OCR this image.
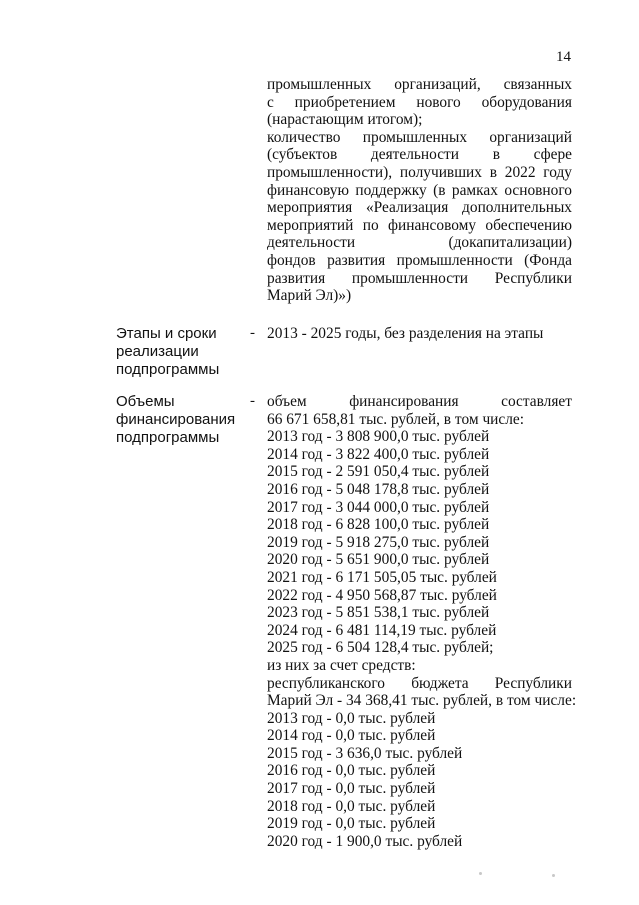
14
промышленных организаций, связанных
с приобретением нового оборудования
(нарастающим итогом);
количество промышленных организаций
(субъектов деятельности в сфере
промышленности), получивших в 2022 году
финансовую поддержку (в рамках основного
мероприятия «Реализация дополнительных
мероприятий по финансовому обеспечению
деятельности (докапитализации)
фондов развития промышленности (Фонда
развития промышленности Республики
Марий Эл)»)
Этапы и сроки
реализации
подпрограммы
- 2013 - 2025 годы, без разделения на этапы
Объемы
финансирования
подпрограммы
- объем финансирования составляет
66 671 658,81 тыс. рублей, в том числе:
2013 год - 3 808 900,0 тыс. рублей
2014 год - 3 822 400,0 тыс. рублей
2015 год - 2 591 050,4 тыс. рублей
2016 год - 5 048 178,8 тыс. рублей
2017 год - 3 044 000,0 тыс. рублей
2018 год - 6 828 100,0 тыс. рублей
2019 год - 5 918 275,0 тыс. рублей
2020 год - 5 651 900,0 тыс. рублей
2021 год - 6 171 505,05 тыс. рублей
2022 год - 4 950 568,87 тыс. рублей
2023 год - 5 851 538,1 тыс. рублей
2024 год - 6 481 114,19 тыс. рублей
2025 год - 6 504 128,4 тыс. рублей;
из них за счет средств:
республиканского бюджета Республики
Марий Эл - 34 368,41 тыс. рублей, в том числе:
2013 год - 0,0 тыс. рублей
2014 год - 0,0 тыс. рублей
2015 год - 3 636,0 тыс. рублей
2016 год - 0,0 тыс. рублей
2017 год - 0,0 тыс. рублей
2018 год - 0,0 тыс. рублей
2019 год - 0,0 тыс. рублей
2020 год - 1 900,0 тыс. рублей
